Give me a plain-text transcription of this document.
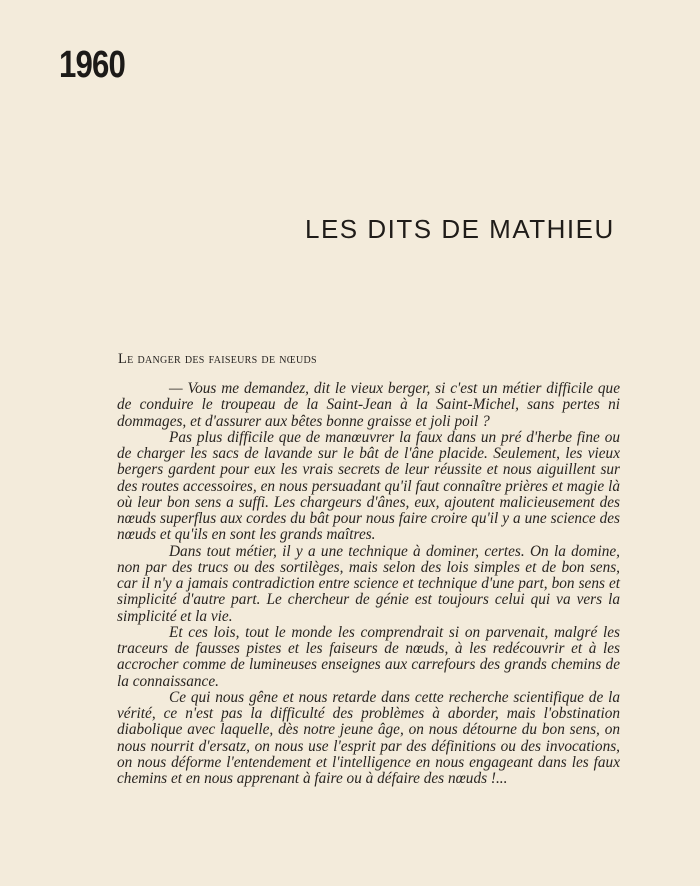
1960
LES DITS DE MATHIEU
Le danger des faiseurs de nœuds

— Vous me demandez, dit le vieux berger, si c'est un métier difficile que de conduire le troupeau de la Saint-Jean à la Saint-Michel, sans pertes ni dommages, et d'assurer aux bêtes bonne graisse et joli poil ?

Pas plus difficile que de manœuvrer la faux dans un pré d'herbe fine ou de charger les sacs de lavande sur le bât de l'âne placide. Seulement, les vieux bergers gardent pour eux les vrais secrets de leur réussite et nous aiguillent sur des routes accessoires, en nous persuadant qu'il faut connaître prières et magie là où leur bon sens a suffi. Les chargeurs d'ânes, eux, ajoutent malicieusement des nœuds superflus aux cordes du bât pour nous faire croire qu'il y a une science des nœuds et qu'ils en sont les grands maîtres.

Dans tout métier, il y a une technique à dominer, certes. On la domine, non par des trucs ou des sortilèges, mais selon des lois simples et de bon sens, car il n'y a jamais contradiction entre science et technique d'une part, bon sens et simplicité d'autre part. Le chercheur de génie est toujours celui qui va vers la simplicité et la vie.

Et ces lois, tout le monde les comprendrait si on parvenait, malgré les traceurs de fausses pistes et les faiseurs de nœuds, à les redécouvrir et à les accrocher comme de lumineuses enseignes aux carrefours des grands chemins de la connaissance.

Ce qui nous gêne et nous retarde dans cette recherche scientifique de la vérité, ce n'est pas la difficulté des problèmes à aborder, mais l'obstination diabolique avec laquelle, dès notre jeune âge, on nous détourne du bon sens, on nous nourrit d'ersatz, on nous use l'esprit par des définitions ou des invocations, on nous déforme l'entendement et l'intelligence en nous engageant dans les faux chemins et en nous apprenant à faire ou à défaire des nœuds !...
